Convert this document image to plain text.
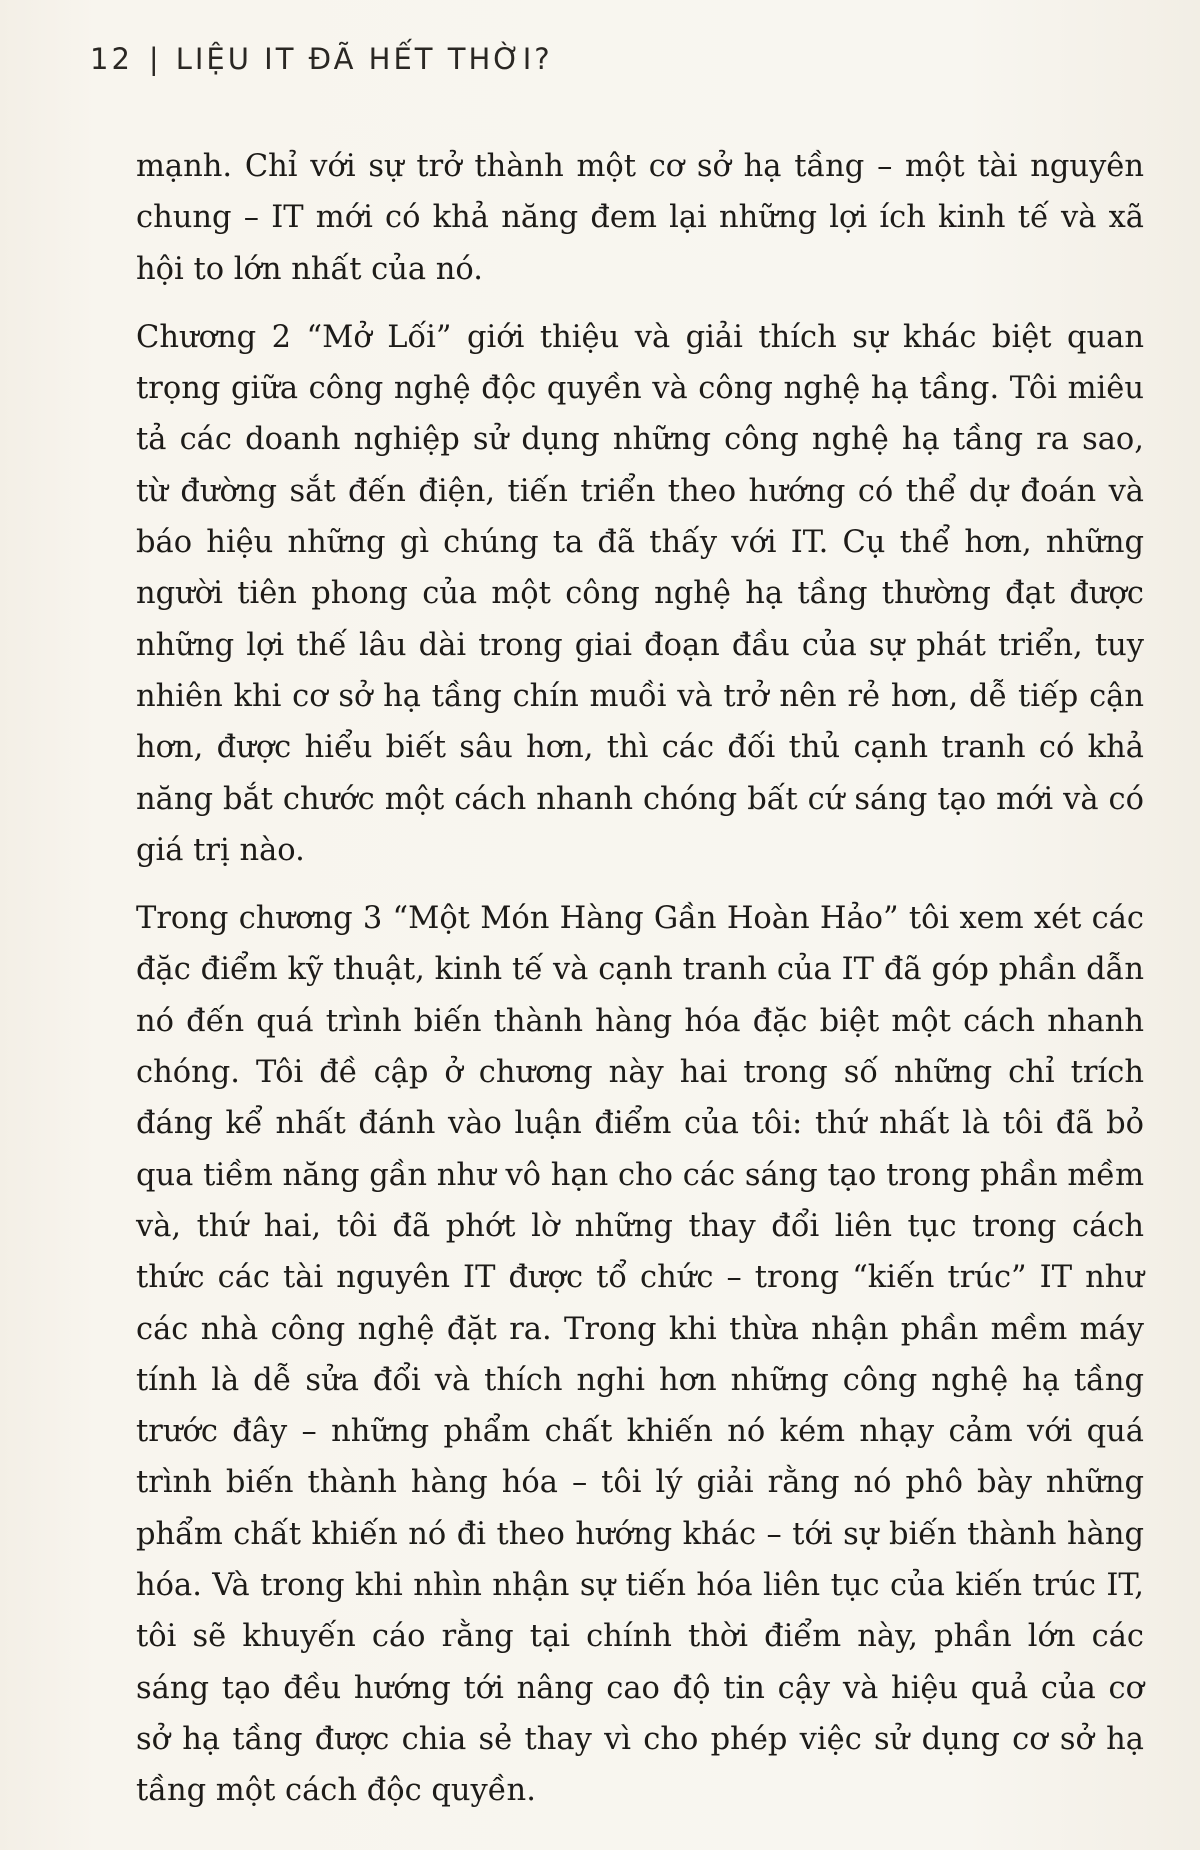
12 | LIỆU IT ĐÃ HẾT THỜI?

mạnh. Chỉ với sự trở thành một cơ sở hạ tầng – một tài nguyên chung – IT mới có khả năng đem lại những lợi ích kinh tế và xã hội to lớn nhất của nó.

Chương 2 “Mở Lối” giới thiệu và giải thích sự khác biệt quan trọng giữa công nghệ độc quyền và công nghệ hạ tầng. Tôi miêu tả các doanh nghiệp sử dụng những công nghệ hạ tầng ra sao, từ đường sắt đến điện, tiến triển theo hướng có thể dự đoán và báo hiệu những gì chúng ta đã thấy với IT. Cụ thể hơn, những người tiên phong của một công nghệ hạ tầng thường đạt được những lợi thế lâu dài trong giai đoạn đầu của sự phát triển, tuy nhiên khi cơ sở hạ tầng chín muồi và trở nên rẻ hơn, dễ tiếp cận hơn, được hiểu biết sâu hơn, thì các đối thủ cạnh tranh có khả năng bắt chước một cách nhanh chóng bất cứ sáng tạo mới và có giá trị nào.

Trong chương 3 “Một Món Hàng Gần Hoàn Hảo” tôi xem xét các đặc điểm kỹ thuật, kinh tế và cạnh tranh của IT đã góp phần dẫn nó đến quá trình biến thành hàng hóa đặc biệt một cách nhanh chóng. Tôi đề cập ở chương này hai trong số những chỉ trích đáng kể nhất đánh vào luận điểm của tôi: thứ nhất là tôi đã bỏ qua tiềm năng gần như vô hạn cho các sáng tạo trong phần mềm và, thứ hai, tôi đã phớt lờ những thay đổi liên tục trong cách thức các tài nguyên IT được tổ chức – trong “kiến trúc” IT như các nhà công nghệ đặt ra. Trong khi thừa nhận phần mềm máy tính là dễ sửa đổi và thích nghi hơn những công nghệ hạ tầng trước đây – những phẩm chất khiến nó kém nhạy cảm với quá trình biến thành hàng hóa – tôi lý giải rằng nó phô bày những phẩm chất khiến nó đi theo hướng khác – tới sự biến thành hàng hóa. Và trong khi nhìn nhận sự tiến hóa liên tục của kiến trúc IT, tôi sẽ khuyến cáo rằng tại chính thời điểm này, phần lớn các sáng tạo đều hướng tới nâng cao độ tin cậy và hiệu quả của cơ sở hạ tầng được chia sẻ thay vì cho phép việc sử dụng cơ sở hạ tầng một cách độc quyền.
